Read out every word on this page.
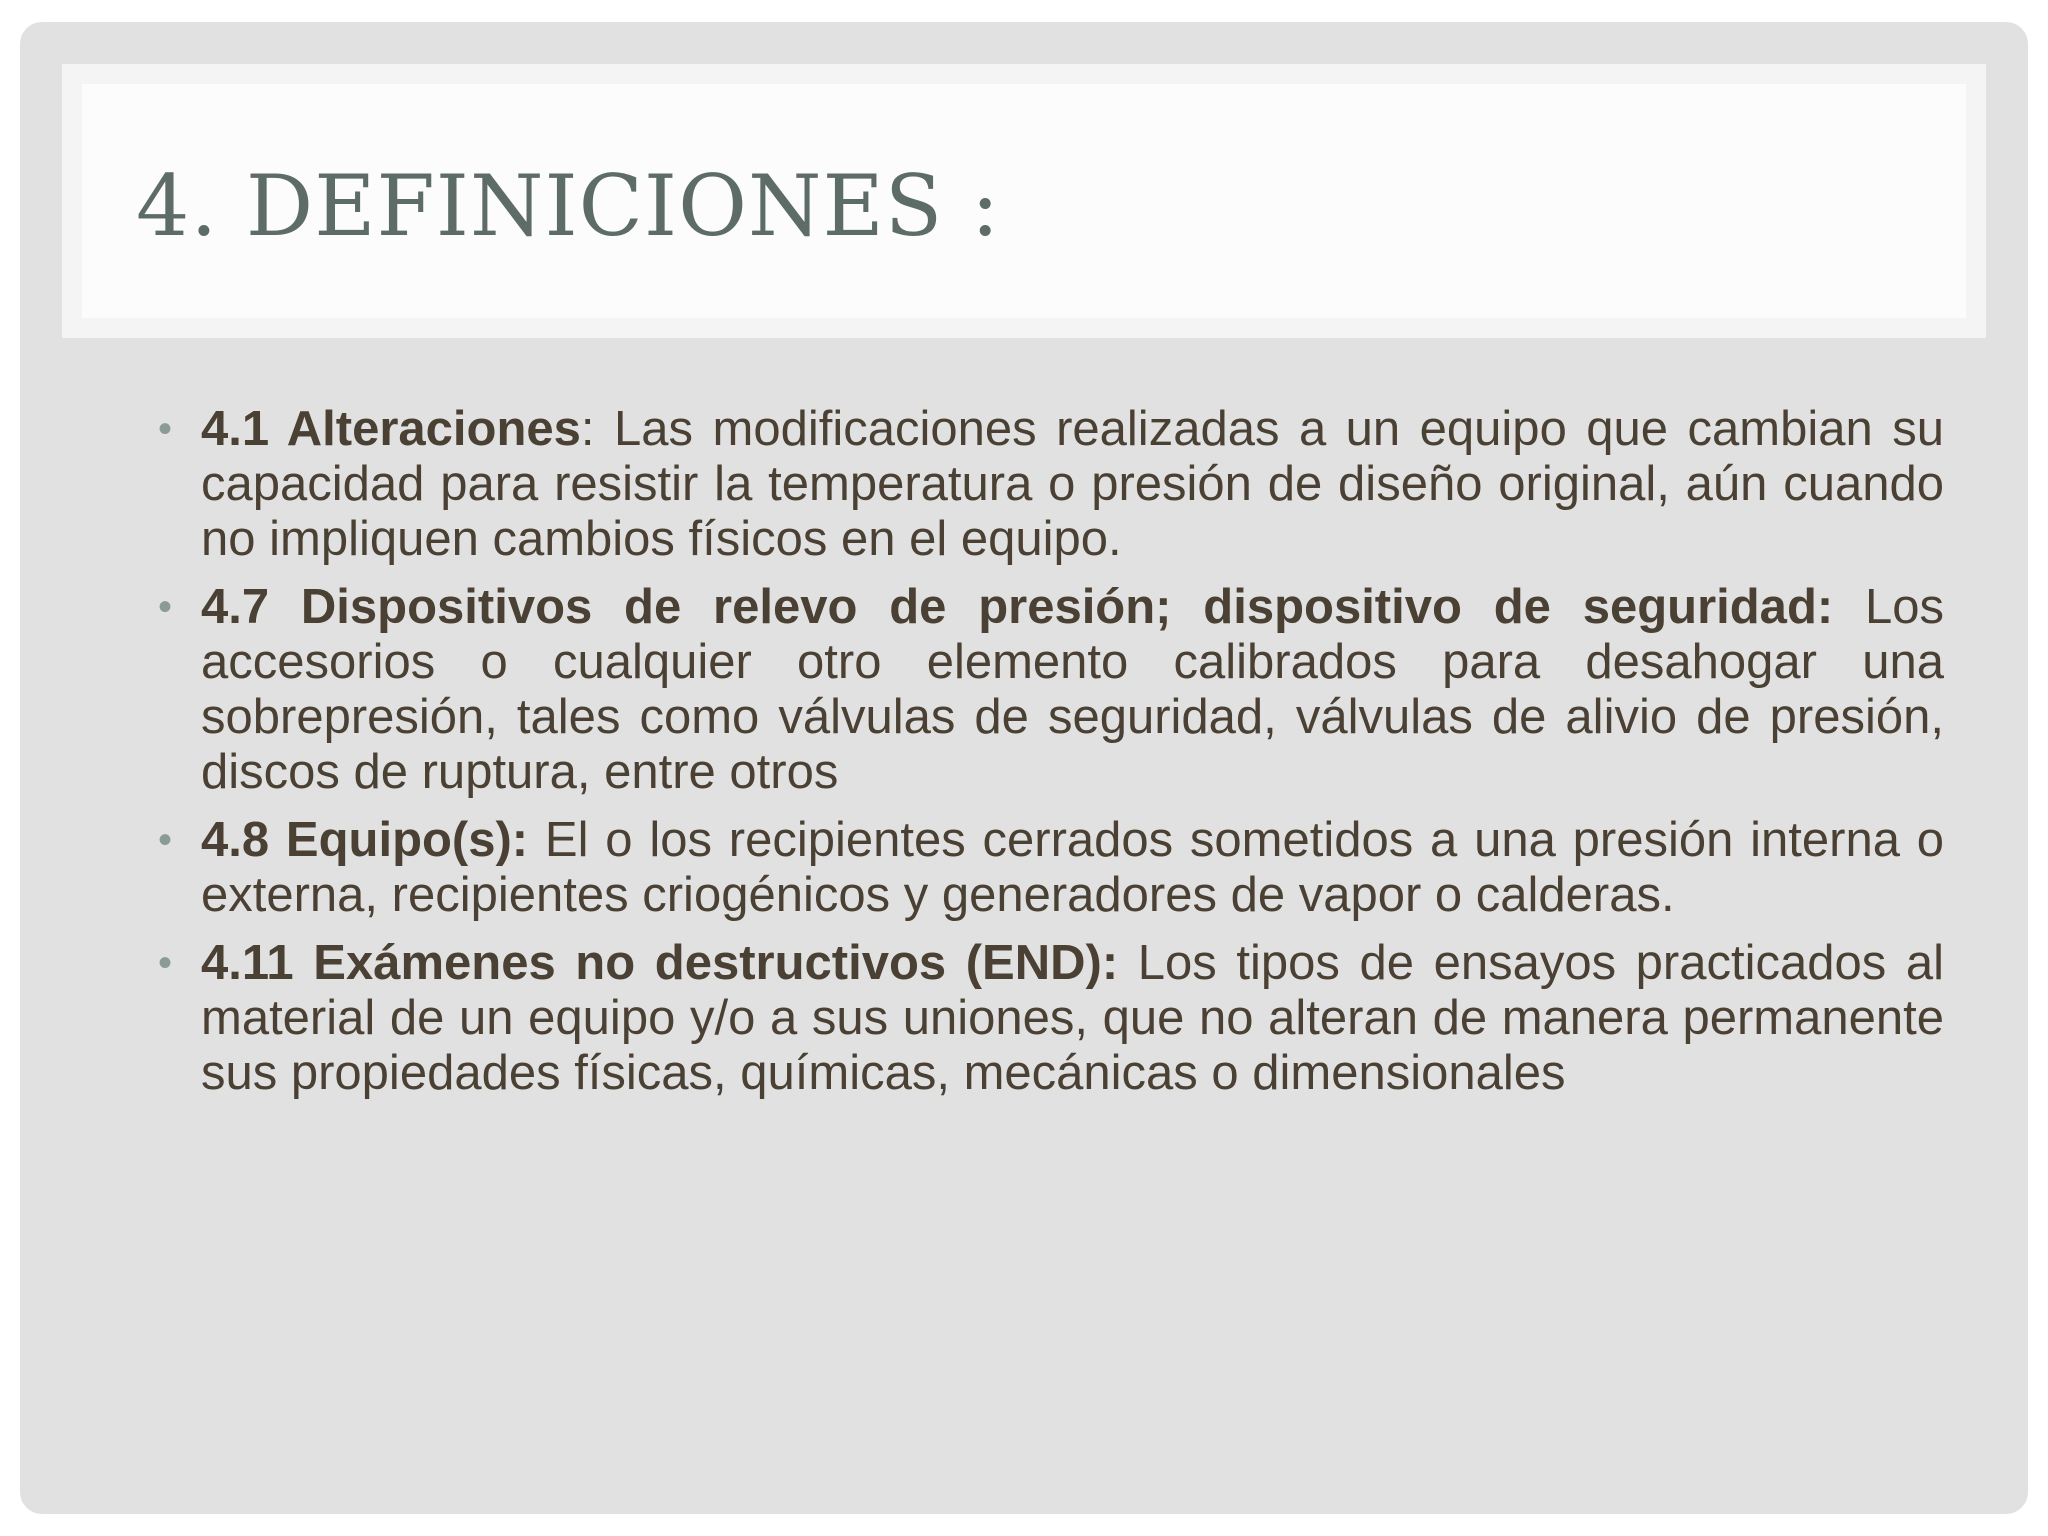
4. DEFINICIONES :
• 4.1 Alteraciones: Las modificaciones realizadas a un equipo que cambian su capacidad para resistir la temperatura o presión de diseño original, aún cuando no impliquen cambios físicos en el equipo.
• 4.7 Dispositivos de relevo de presión; dispositivo de seguridad: Los accesorios o cualquier otro elemento calibrados para desahogar una sobrepresión, tales como válvulas de seguridad, válvulas de alivio de presión, discos de ruptura, entre otros
• 4.8 Equipo(s): El o los recipientes cerrados sometidos a una presión interna o externa, recipientes criogénicos y generadores de vapor o calderas.
• 4.11 Exámenes no destructivos (END): Los tipos de ensayos practicados al material de un equipo y/o a sus uniones, que no alteran de manera permanente sus propiedades físicas, químicas, mecánicas o dimensionales
